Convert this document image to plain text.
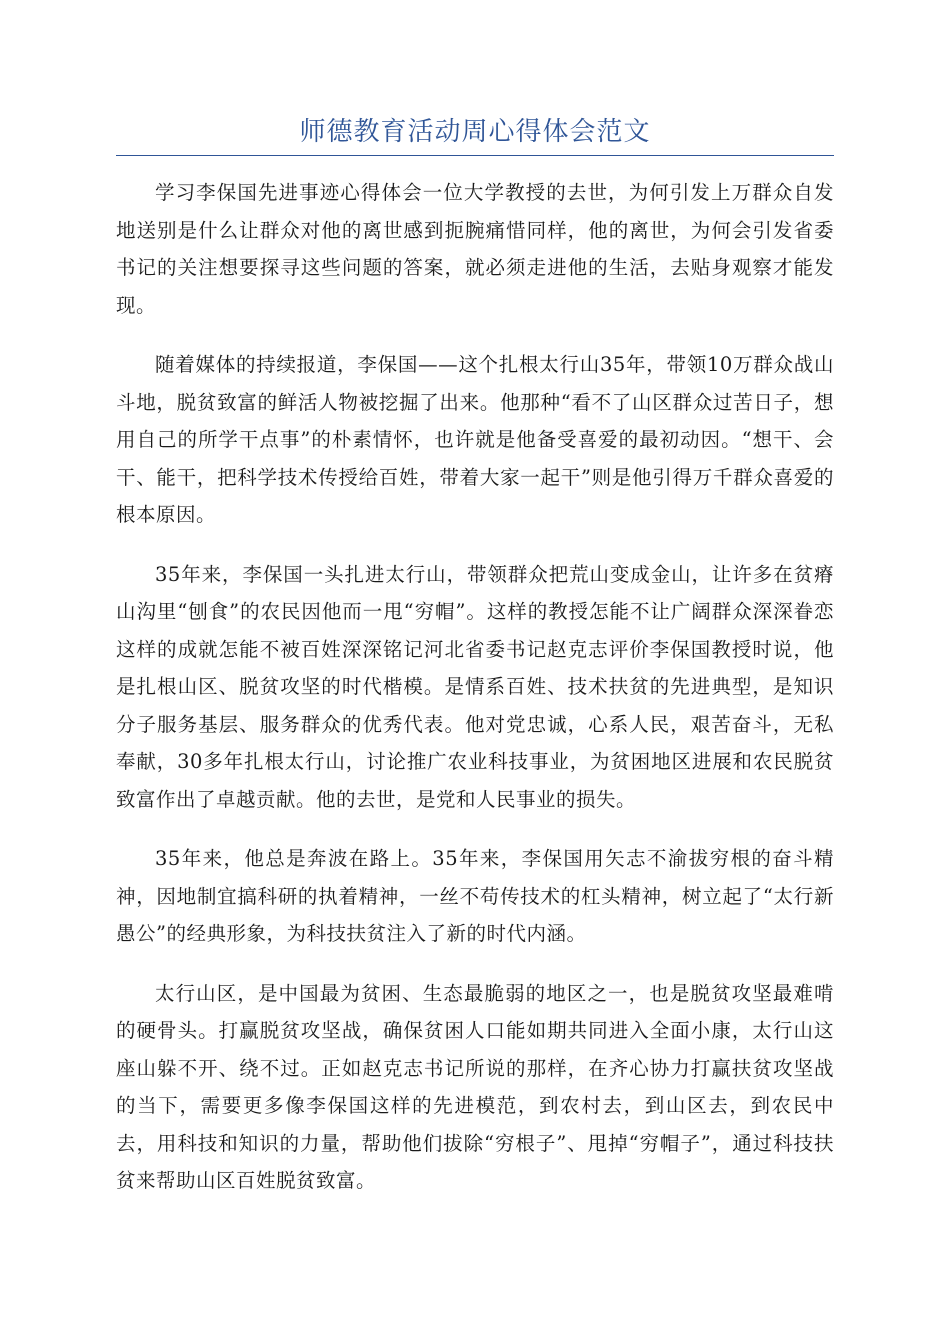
师德教育活动周心得体会范文

学习李保国先进事迹心得体会一位大学教授的去世，为何引发上万群众自发地送别是什么让群众对他的离世感到扼腕痛惜同样，他的离世，为何会引发省委书记的关注想要探寻这些问题的答案，就必须走进他的生活，去贴身观察才能发现。

随着媒体的持续报道，李保国——这个扎根太行山35年，带领10万群众战山斗地，脱贫致富的鲜活人物被挖掘了出来。他那种“看不了山区群众过苦日子，想用自己的所学干点事”的朴素情怀，也许就是他备受喜爱的最初动因。“想干、会干、能干，把科学技术传授给百姓，带着大家一起干”则是他引得万千群众喜爱的根本原因。

35年来，李保国一头扎进太行山，带领群众把荒山变成金山，让许多在贫瘠山沟里“刨食”的农民因他而一甩“穷帽”。这样的教授怎能不让广阔群众深深眷恋这样的成就怎能不被百姓深深铭记河北省委书记赵克志评价李保国教授时说，他是扎根山区、脱贫攻坚的时代楷模。是情系百姓、技术扶贫的先进典型，是知识分子服务基层、服务群众的优秀代表。他对党忠诚，心系人民，艰苦奋斗，无私奉献，30多年扎根太行山，讨论推广农业科技事业，为贫困地区进展和农民脱贫致富作出了卓越贡献。他的去世，是党和人民事业的损失。

35年来，他总是奔波在路上。35年来，李保国用矢志不渝拔穷根的奋斗精神，因地制宜搞科研的执着精神，一丝不苟传技术的杠头精神，树立起了“太行新愚公”的经典形象，为科技扶贫注入了新的时代内涵。

太行山区，是中国最为贫困、生态最脆弱的地区之一，也是脱贫攻坚最难啃的硬骨头。打赢脱贫攻坚战，确保贫困人口能如期共同进入全面小康，太行山这座山躲不开、绕不过。正如赵克志书记所说的那样，在齐心协力打赢扶贫攻坚战的当下，需要更多像李保国这样的先进模范，到农村去，到山区去，到农民中去，用科技和知识的力量，帮助他们拔除“穷根子”、甩掉“穷帽子”，通过科技扶贫来帮助山区百姓脱贫致富。
